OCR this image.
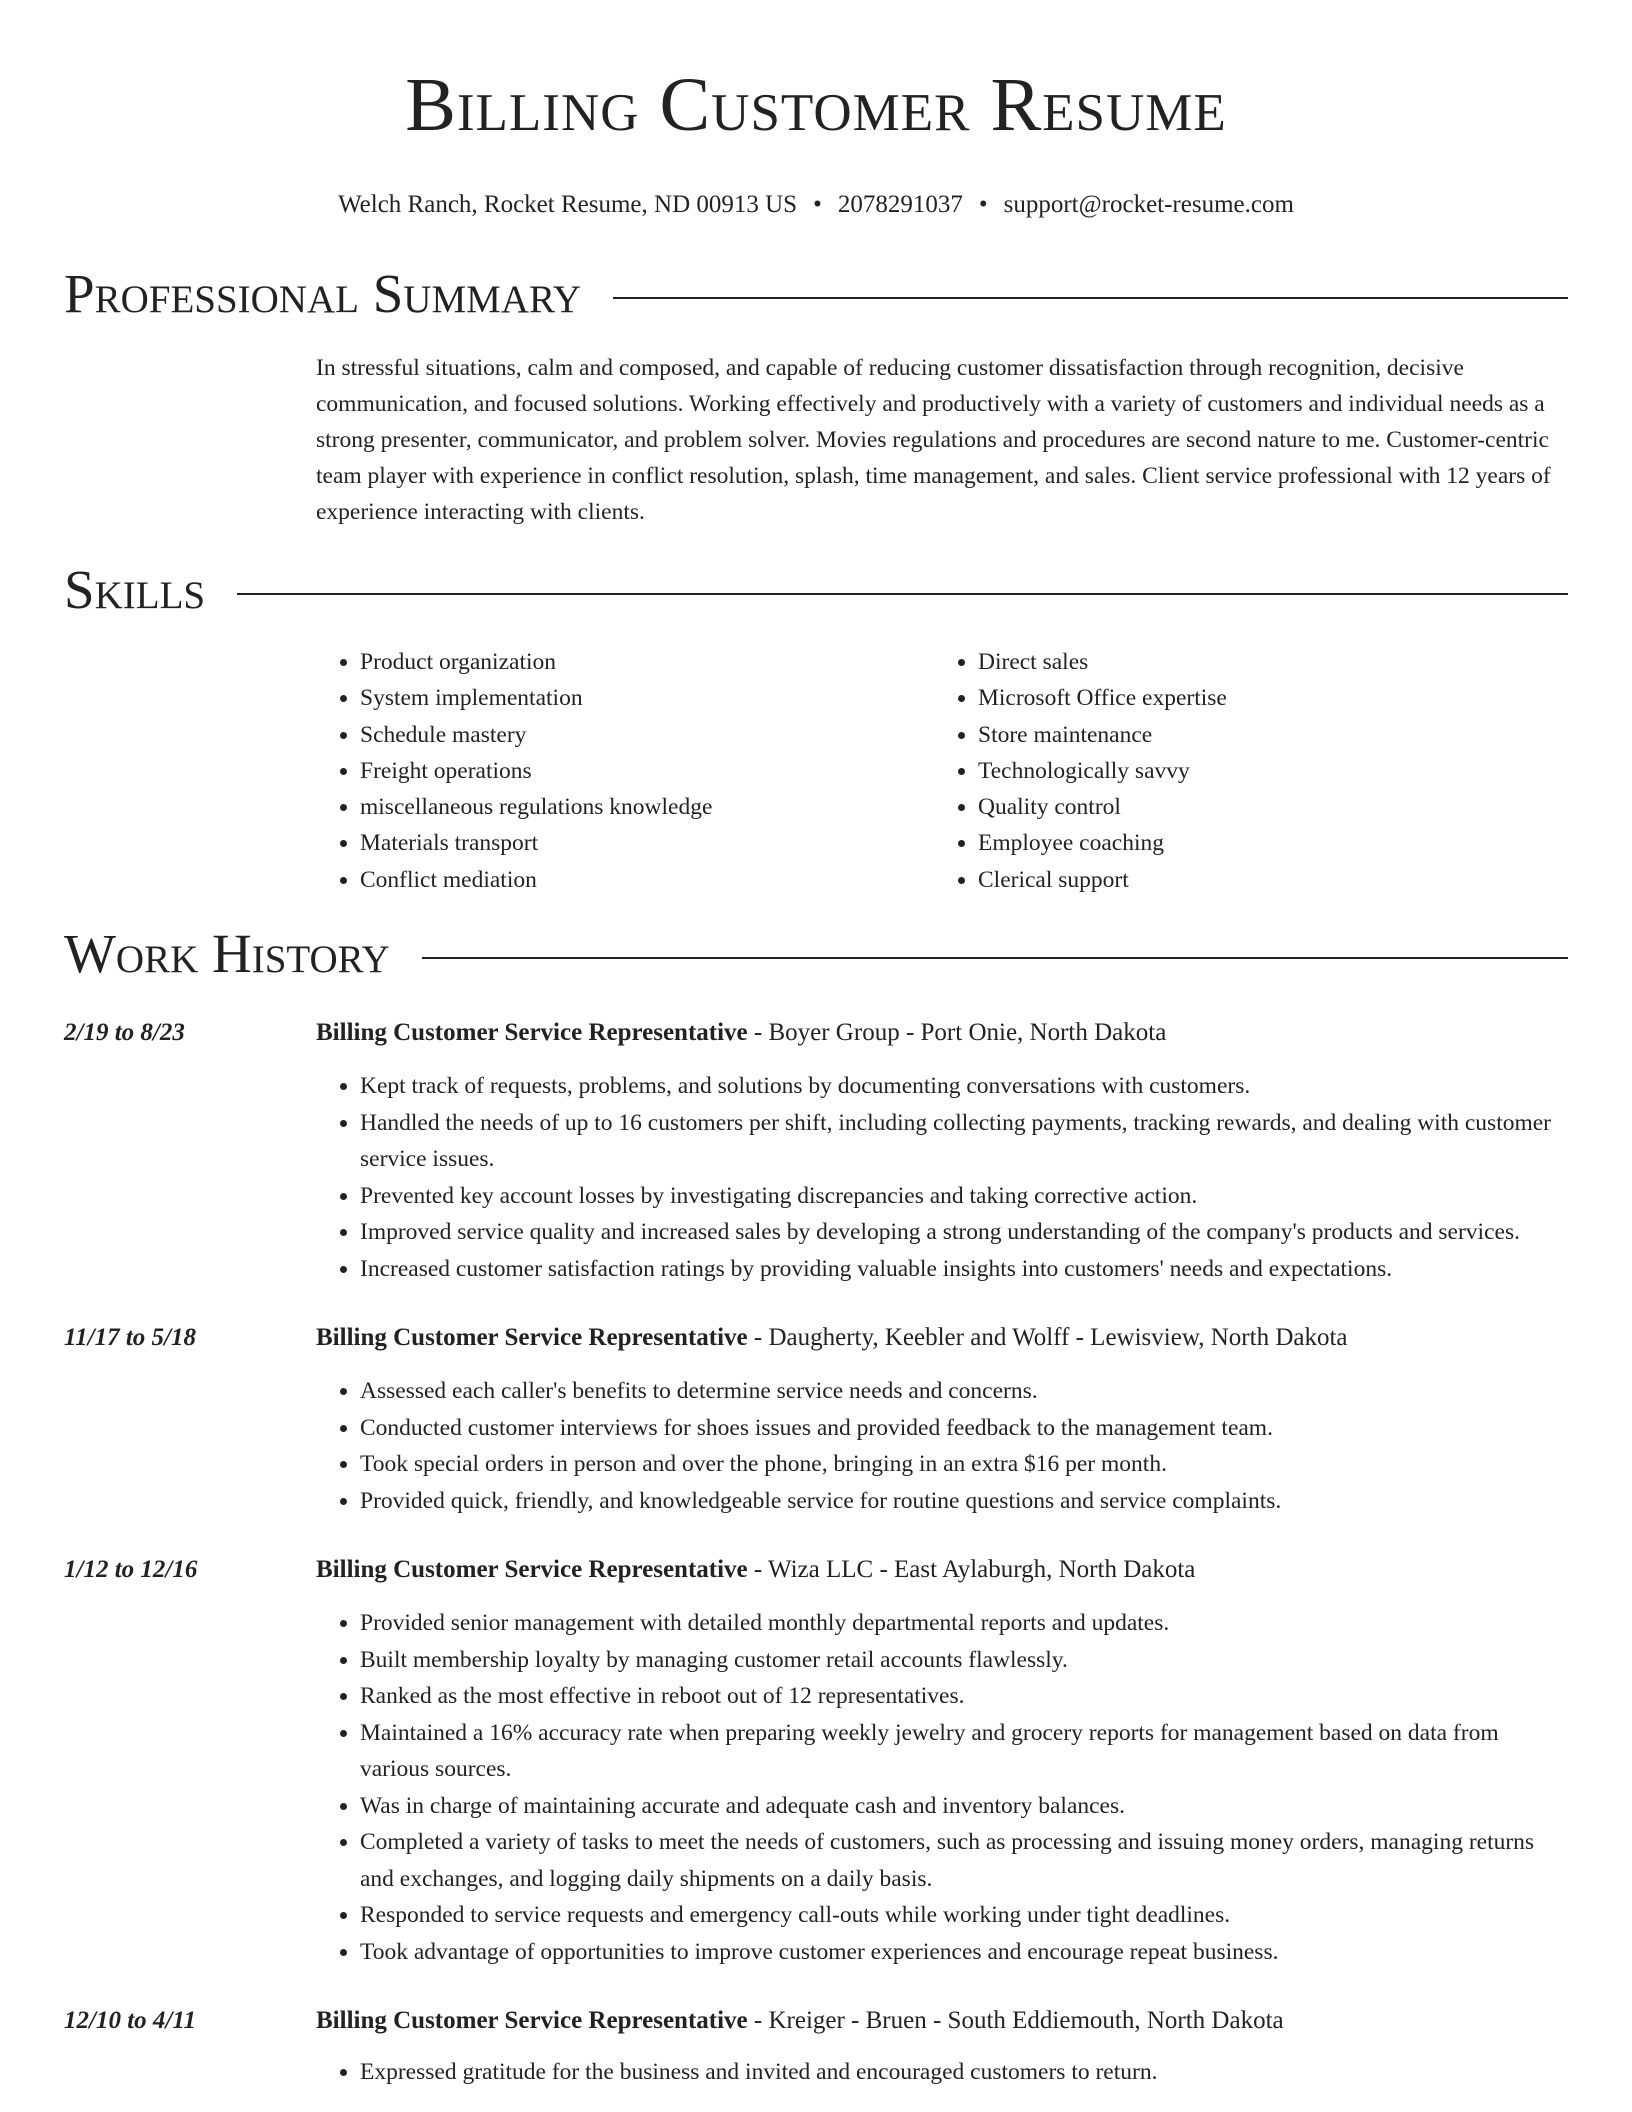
Billing Customer Resume
Welch Ranch, Rocket Resume, ND 00913 US • 2078291037 • support@rocket-resume.com
Professional Summary
In stressful situations, calm and composed, and capable of reducing customer dissatisfaction through recognition, decisive communication, and focused solutions. Working effectively and productively with a variety of customers and individual needs as a strong presenter, communicator, and problem solver. Movies regulations and procedures are second nature to me. Customer-centric team player with experience in conflict resolution, splash, time management, and sales. Client service professional with 12 years of experience interacting with clients.
Skills
• Product organization
• System implementation
• Schedule mastery
• Freight operations
• miscellaneous regulations knowledge
• Materials transport
• Conflict mediation
• Direct sales
• Microsoft Office expertise
• Store maintenance
• Technologically savvy
• Quality control
• Employee coaching
• Clerical support
Work History
2/19 to 8/23	Billing Customer Service Representative - Boyer Group - Port Onie, North Dakota
• Kept track of requests, problems, and solutions by documenting conversations with customers.
• Handled the needs of up to 16 customers per shift, including collecting payments, tracking rewards, and dealing with customer service issues.
• Prevented key account losses by investigating discrepancies and taking corrective action.
• Improved service quality and increased sales by developing a strong understanding of the company's products and services.
• Increased customer satisfaction ratings by providing valuable insights into customers' needs and expectations.
11/17 to 5/18	Billing Customer Service Representative - Daugherty, Keebler and Wolff - Lewisview, North Dakota
• Assessed each caller's benefits to determine service needs and concerns.
• Conducted customer interviews for shoes issues and provided feedback to the management team.
• Took special orders in person and over the phone, bringing in an extra $16 per month.
• Provided quick, friendly, and knowledgeable service for routine questions and service complaints.
1/12 to 12/16	Billing Customer Service Representative - Wiza LLC - East Aylaburgh, North Dakota
• Provided senior management with detailed monthly departmental reports and updates.
• Built membership loyalty by managing customer retail accounts flawlessly.
• Ranked as the most effective in reboot out of 12 representatives.
• Maintained a 16% accuracy rate when preparing weekly jewelry and grocery reports for management based on data from various sources.
• Was in charge of maintaining accurate and adequate cash and inventory balances.
• Completed a variety of tasks to meet the needs of customers, such as processing and issuing money orders, managing returns and exchanges, and logging daily shipments on a daily basis.
• Responded to service requests and emergency call-outs while working under tight deadlines.
• Took advantage of opportunities to improve customer experiences and encourage repeat business.
12/10 to 4/11	Billing Customer Service Representative - Kreiger - Bruen - South Eddiemouth, North Dakota
• Expressed gratitude for the business and invited and encouraged customers to return.
